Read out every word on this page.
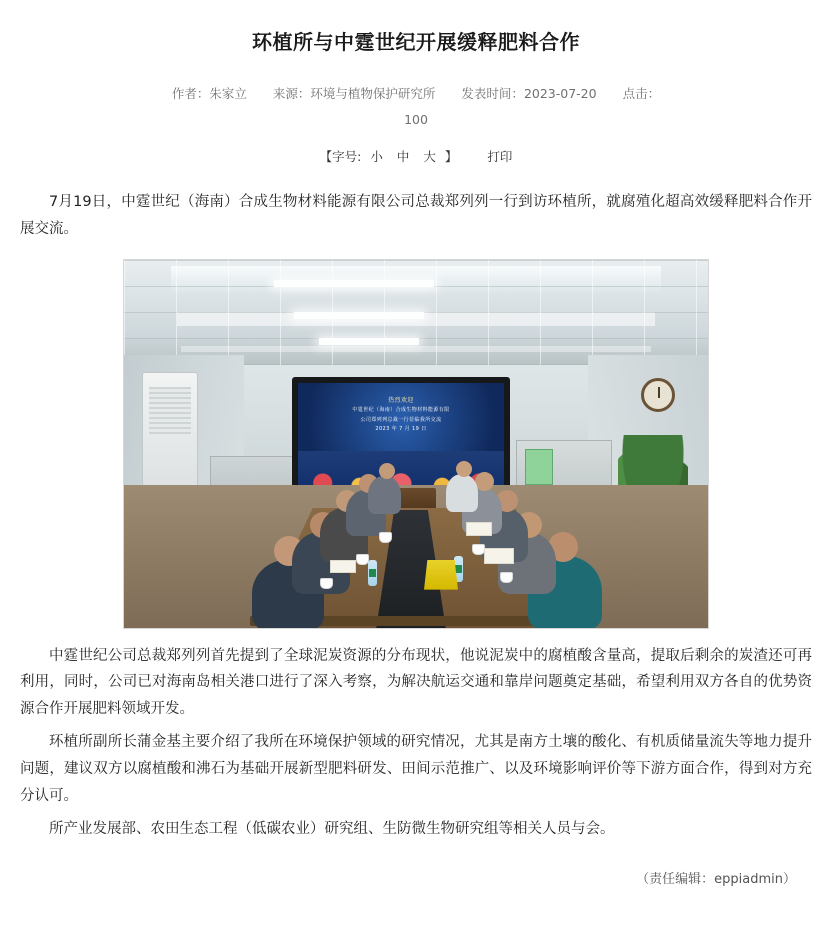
环植所与中霆世纪开展缓释肥料合作
作者：朱家立 来源：环境与植物保护研究所 发表时间：2023-07-20 点击：
100
【字号: 小 中 大 】 打印

7月19日，中霆世纪（海南）合成生物材料能源有限公司总裁郑列列一行到访环植所，就腐殖化超高效缓释肥料合作开展交流。

热烈欢迎
中霆世纪（海南）合成生物材料能源有限
公司郑列列总裁一行莅临我所交流
2023 年 7 月 19 日

中霆世纪公司总裁郑列列首先提到了全球泥炭资源的分布现状，他说泥炭中的腐植酸含量高，提取后剩余的炭渣还可再利用，同时，公司已对海南岛相关港口进行了深入考察，为解决航运交通和靠岸问题奠定基础，希望利用双方各自的优势资源合作开展肥料领域开发。

环植所副所长蒲金基主要介绍了我所在环境保护领域的研究情况，尤其是南方土壤的酸化、有机质储量流失等地力提升问题，建议双方以腐植酸和沸石为基础开展新型肥料研发、田间示范推广、以及环境影响评价等下游方面合作，得到对方充分认可。

所产业发展部、农田生态工程（低碳农业）研究组、生防微生物研究组等相关人员与会。

（责任编辑：eppiadmin）
